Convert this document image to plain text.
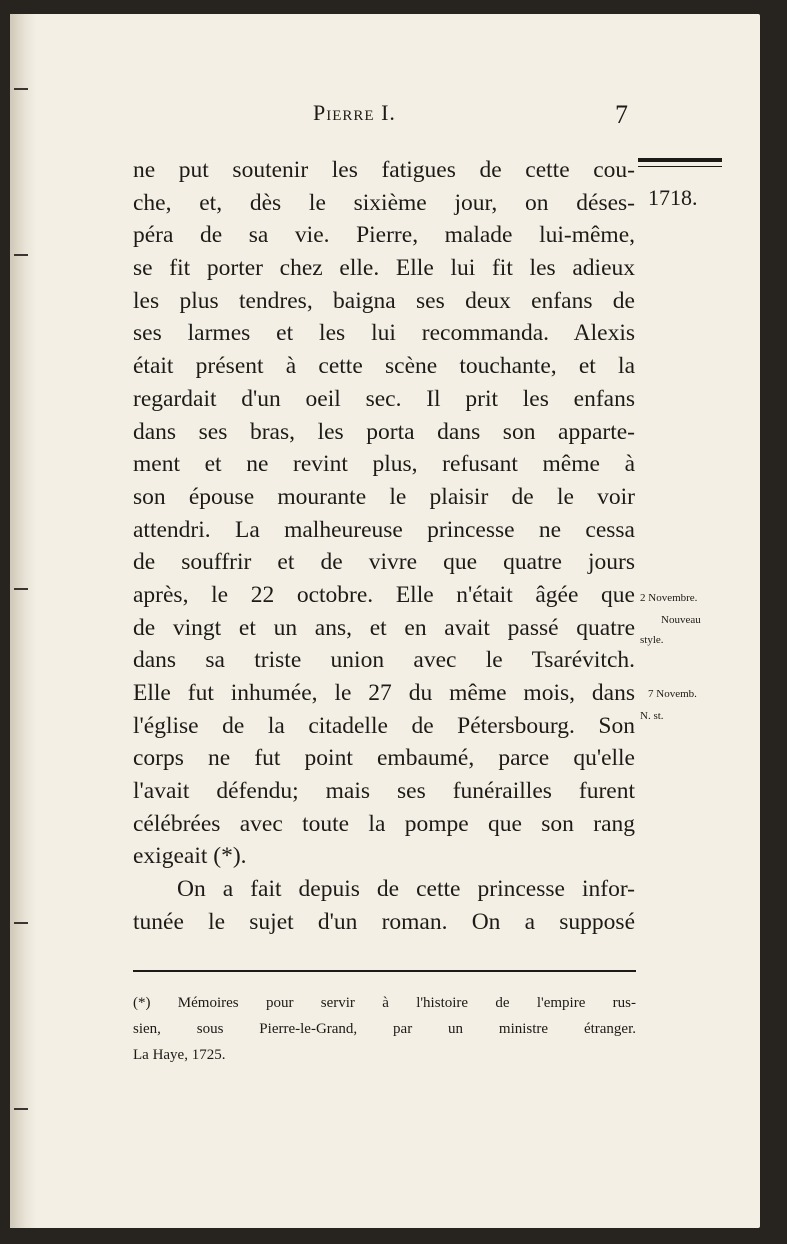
Pierre I.	7
1718.
2 Novembre.
Nouveau
style.
7 Novemb.
N. st.
ne put soutenir les fatigues de cette cou-
che, et, dès le sixième jour, on déses-
péra de sa vie. Pierre, malade lui-même,
se fit porter chez elle. Elle lui fit les adieux
les plus tendres, baigna ses deux enfans de
ses larmes et les lui recommanda. Alexis
était présent à cette scène touchante, et la
regardait d'un oeil sec. Il prit les enfans
dans ses bras, les porta dans son apparte-
ment et ne revint plus, refusant même à
son épouse mourante le plaisir de le voir
attendri. La malheureuse princesse ne cessa
de souffrir et de vivre que quatre jours
après, le 22 octobre. Elle n'était âgée que
de vingt et un ans, et en avait passé quatre
dans sa triste union avec le Tsarévitch.
Elle fut inhumée, le 27 du même mois, dans
l'église de la citadelle de Pétersbourg. Son
corps ne fut point embaumé, parce qu'elle
l'avait défendu; mais ses funérailles furent
célébrées avec toute la pompe que son rang
exigeait (*).
On a fait depuis de cette princesse infor-
tunée le sujet d'un roman. On a supposé
(*) Mémoires pour servir à l'histoire de l'empire rus-
sien, sous Pierre-le-Grand, par un ministre étranger.
La Haye, 1725.
